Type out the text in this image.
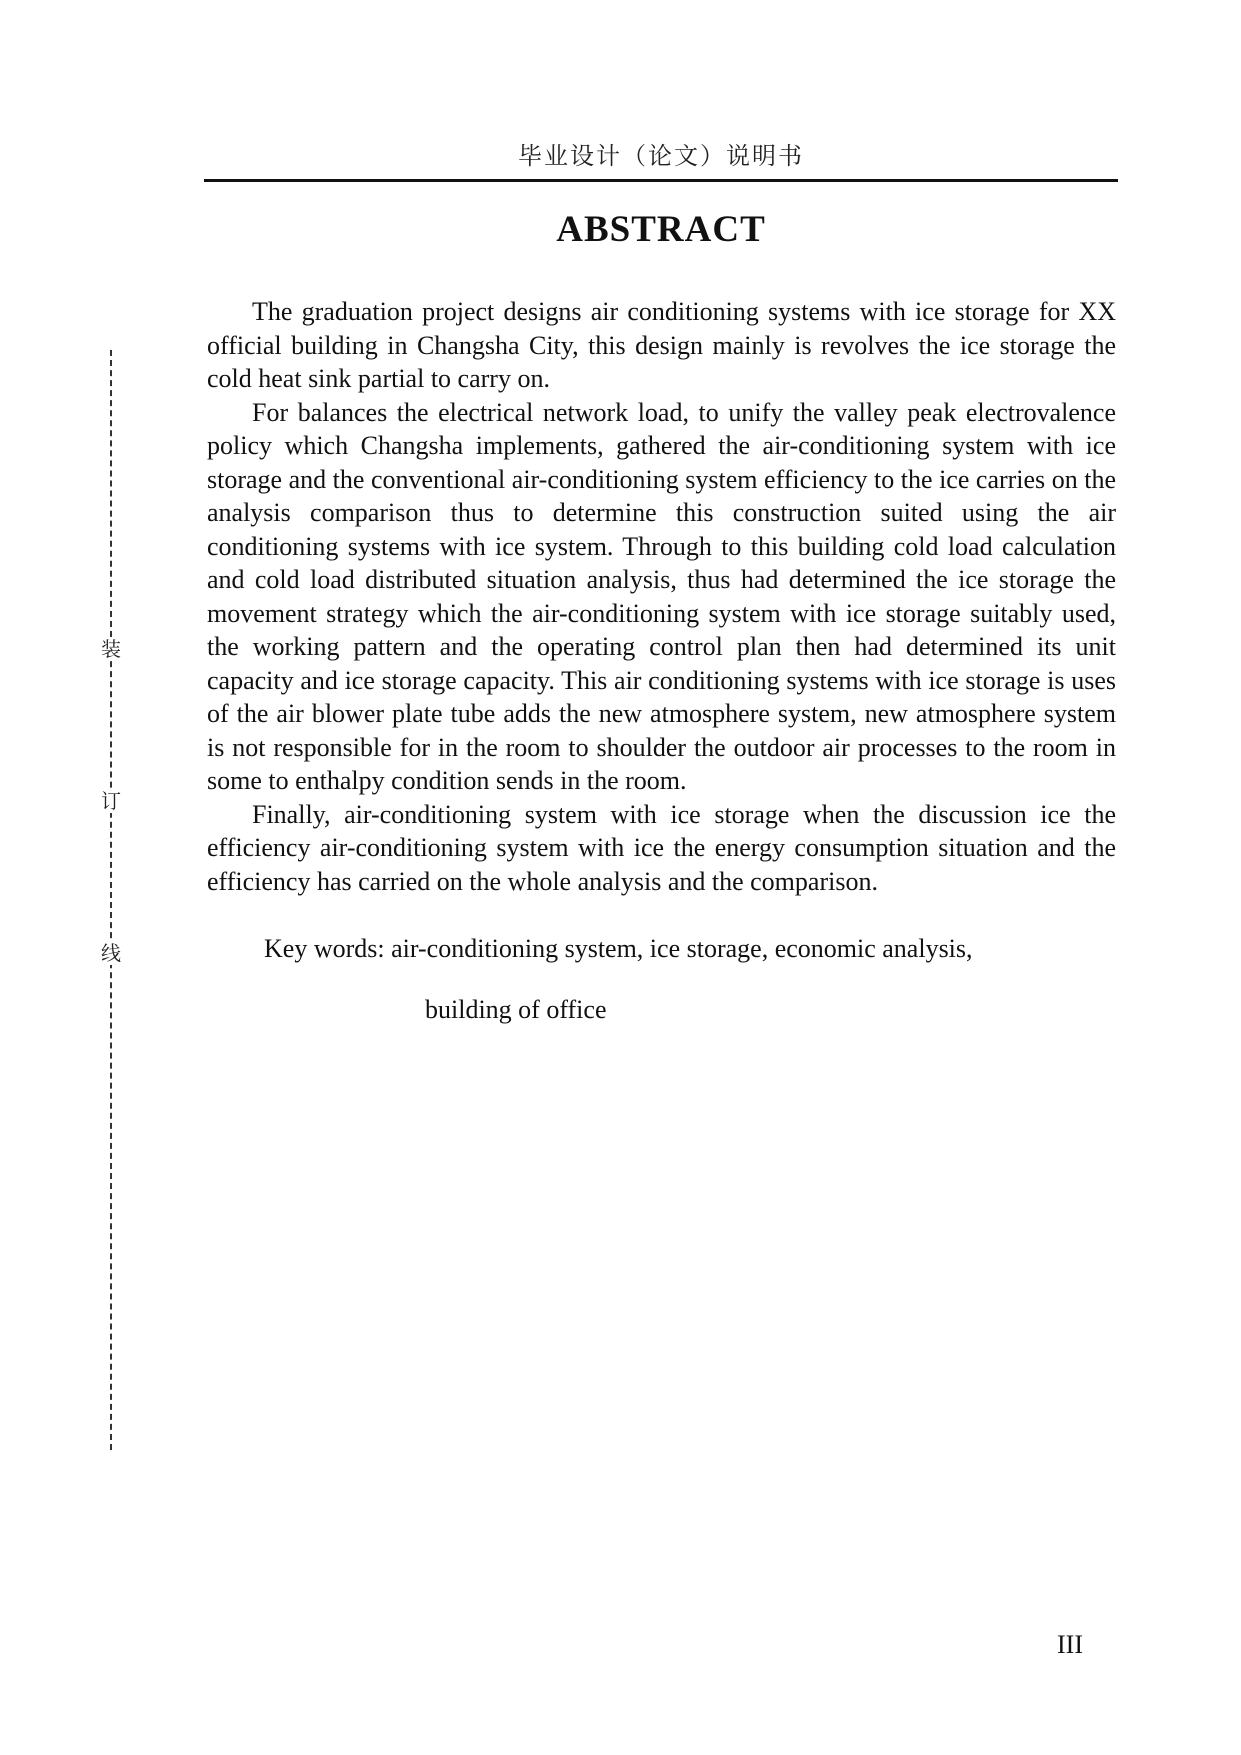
毕业设计（论文）说明书
装
订
线
ABSTRACT

The graduation project designs air conditioning systems with ice storage for XX official building in Changsha City, this design mainly is revolves the ice storage the cold heat sink partial to carry on.

For balances the electrical network load, to unify the valley peak electrovalence policy which Changsha implements, gathered the air-conditioning system with ice storage and the conventional air-conditioning system efficiency to the ice carries on the analysis comparison thus to determine this construction suited using the air conditioning systems with ice system. Through to this building cold load calculation and cold load distributed situation analysis, thus had determined the ice storage the movement strategy which the air-conditioning system with ice storage suitably used, the working pattern and the operating control plan then had determined its unit capacity and ice storage capacity. This air conditioning systems with ice storage is uses of the air blower plate tube adds the new atmosphere system, new atmosphere system is not responsible for in the room to shoulder the outdoor air processes to the room in some to enthalpy condition sends in the room.

Finally, air-conditioning system with ice storage when the discussion ice the efficiency air-conditioning system with ice the energy consumption situation and the efficiency has carried on the whole analysis and the comparison.

Key words: air-conditioning system, ice storage, economic analysis,

building of office

III
